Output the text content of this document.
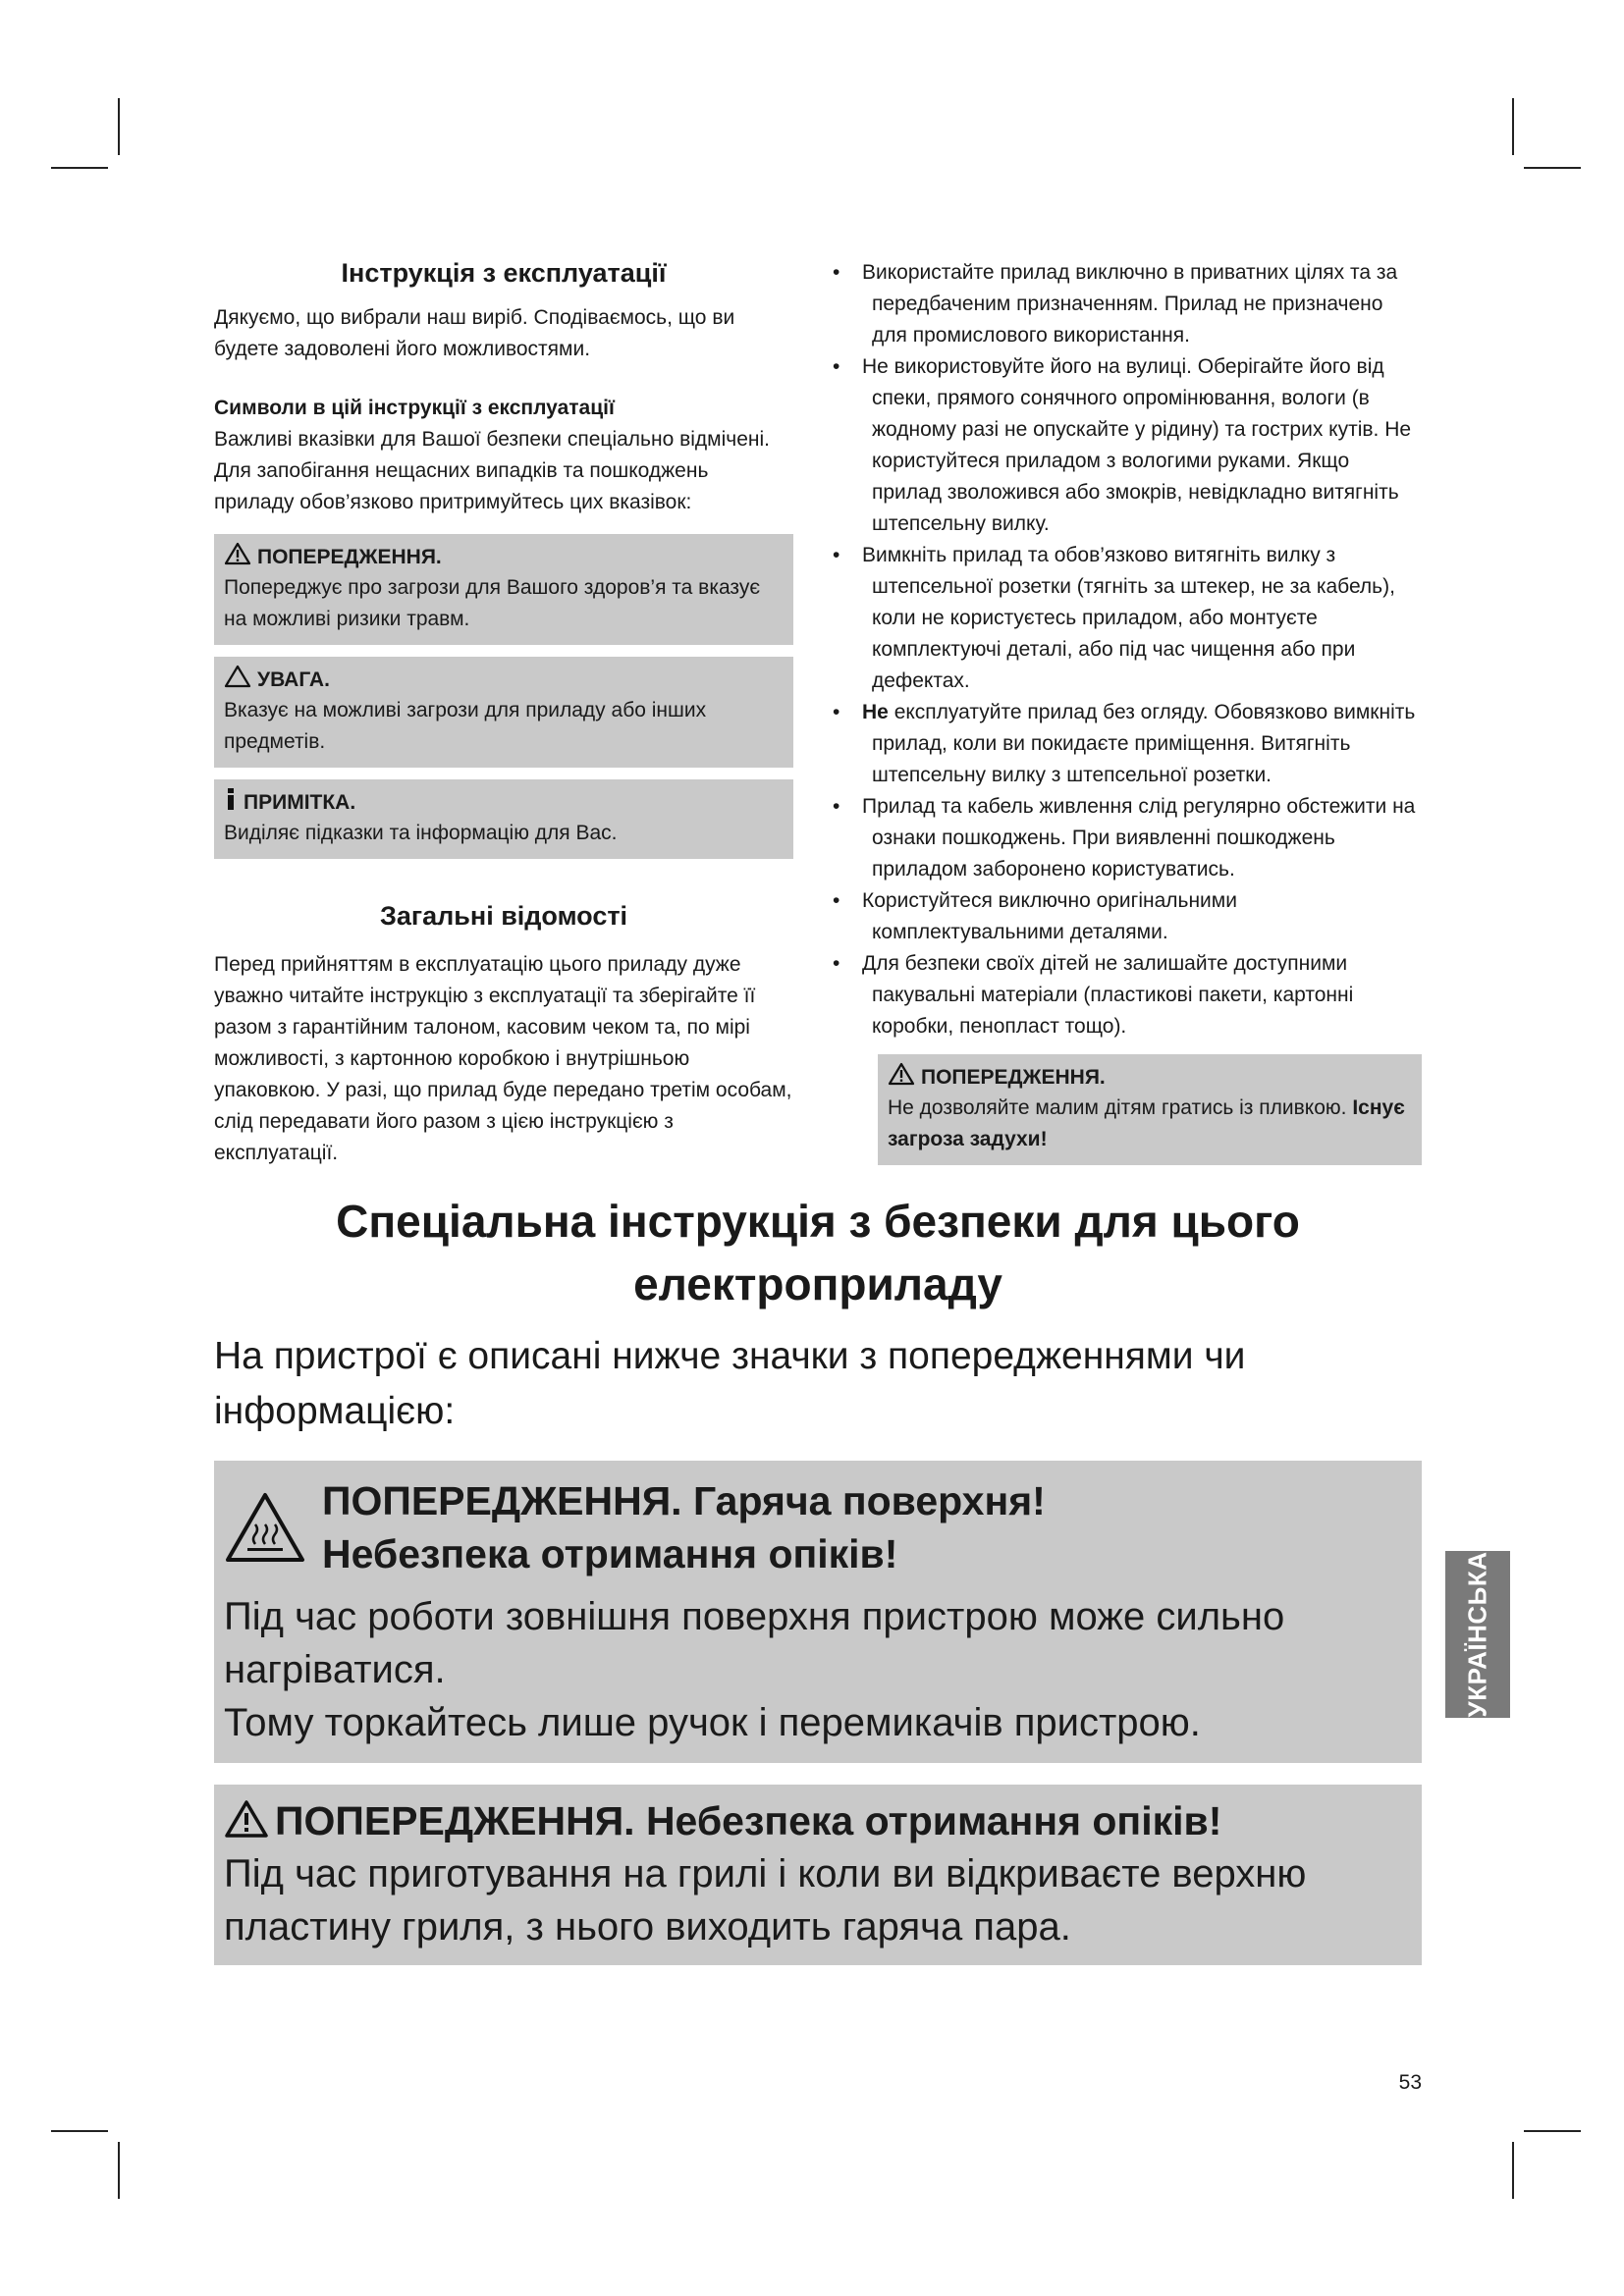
Інструкція з експлуатації

Дякуємо, що вибрали наш виріб. Сподіваємось, що ви будете задоволені його можливостями.

Символи в цій інструкції з експлуатації

Важливі вказівки для Вашої безпеки спеціально відмічені. Для запобігання нещасних випадків та пошкоджень приладу обов’язково притримуйтесь цих вказівок:

ПОПЕРЕДЖЕННЯ.

Попереджує про загрози для Вашого здоров’я та вказує на можливі ризики травм.

УВАГА.

Вказує на можливі загрози для приладу або інших предметів.

ПРИМІТКА.

Виділяє підказки та інформацію для Вас.

Загальні відомості

Перед прийняттям в експлуатацію цього приладу дуже уважно читайте інструкцію з експлуатації та зберігайте її разом з гарантійним талоном, касовим чеком та, по мірі можливості, з картонною коробкою і внутрішньою упаковкою. У разі, що прилад буде передано третім особам, слід передавати його разом з цією інструкцією з експлуатації.

•	Використайте прилад виключно в приватних цілях та за передбаченим призначенням. Прилад не призначено для промислового використання.
•	Не використовуйте його на вулиці. Оберігайте його від спеки, прямого сонячного опромінювання, вологи (в жодному разі не опускайте у рідину) та гострих кутів. Не користуйтеся приладом з вологими руками. Якщо прилад зволожився або змокрів, невідкладно витягніть штепсельну вилку.
•	Вимкніть прилад та обов’язково витягніть вилку з штепсельної розетки (тягніть за штекер, не за кабель), коли не користуєтесь приладом, або монтуєте комплектуючі деталі, або під час чищення або при дефектах.
•	Не експлуатуйте прилад без огляду. Обовязково вимкніть прилад, коли ви покидаєте приміщення. Витягніть штепсельну вилку з штепсельної розетки.
•	Прилад та кабель живлення слід регулярно обстежити на ознаки пошкоджень. При виявленні пошкоджень приладом заборонено користуватись.
•	Користуйтеся виключно оригінальними комплектувальними деталями.
•	Для безпеки своїх дітей не залишайте доступними пакувальні матеріали (пластикові пакети, картонні коробки, пенопласт тощо).
ПОПЕРЕДЖЕННЯ.

Не дозволяйте малим дітям гратись із пливкою. Існує загроза задухи!

Спеціальна інструкція з безпеки для цього електроприладу

На пристрої є описані нижче значки з попередженнями чи інформацією:

ПОПЕРЕДЖЕННЯ. Гаряча поверхня!

Небезпека отримання опіків!

Під час роботи зовнішня поверхня пристрою може сильно нагріватися.

Тому торкайтесь лише ручок і перемикачів пристрою.

ПОПЕРЕДЖЕННЯ. Небезпека отримання опіків!

Під час приготування на грилі і коли ви відкриваєте верхню пластину гриля, з нього виходить гаряча пара.

УКРАЇНСЬКА
53
